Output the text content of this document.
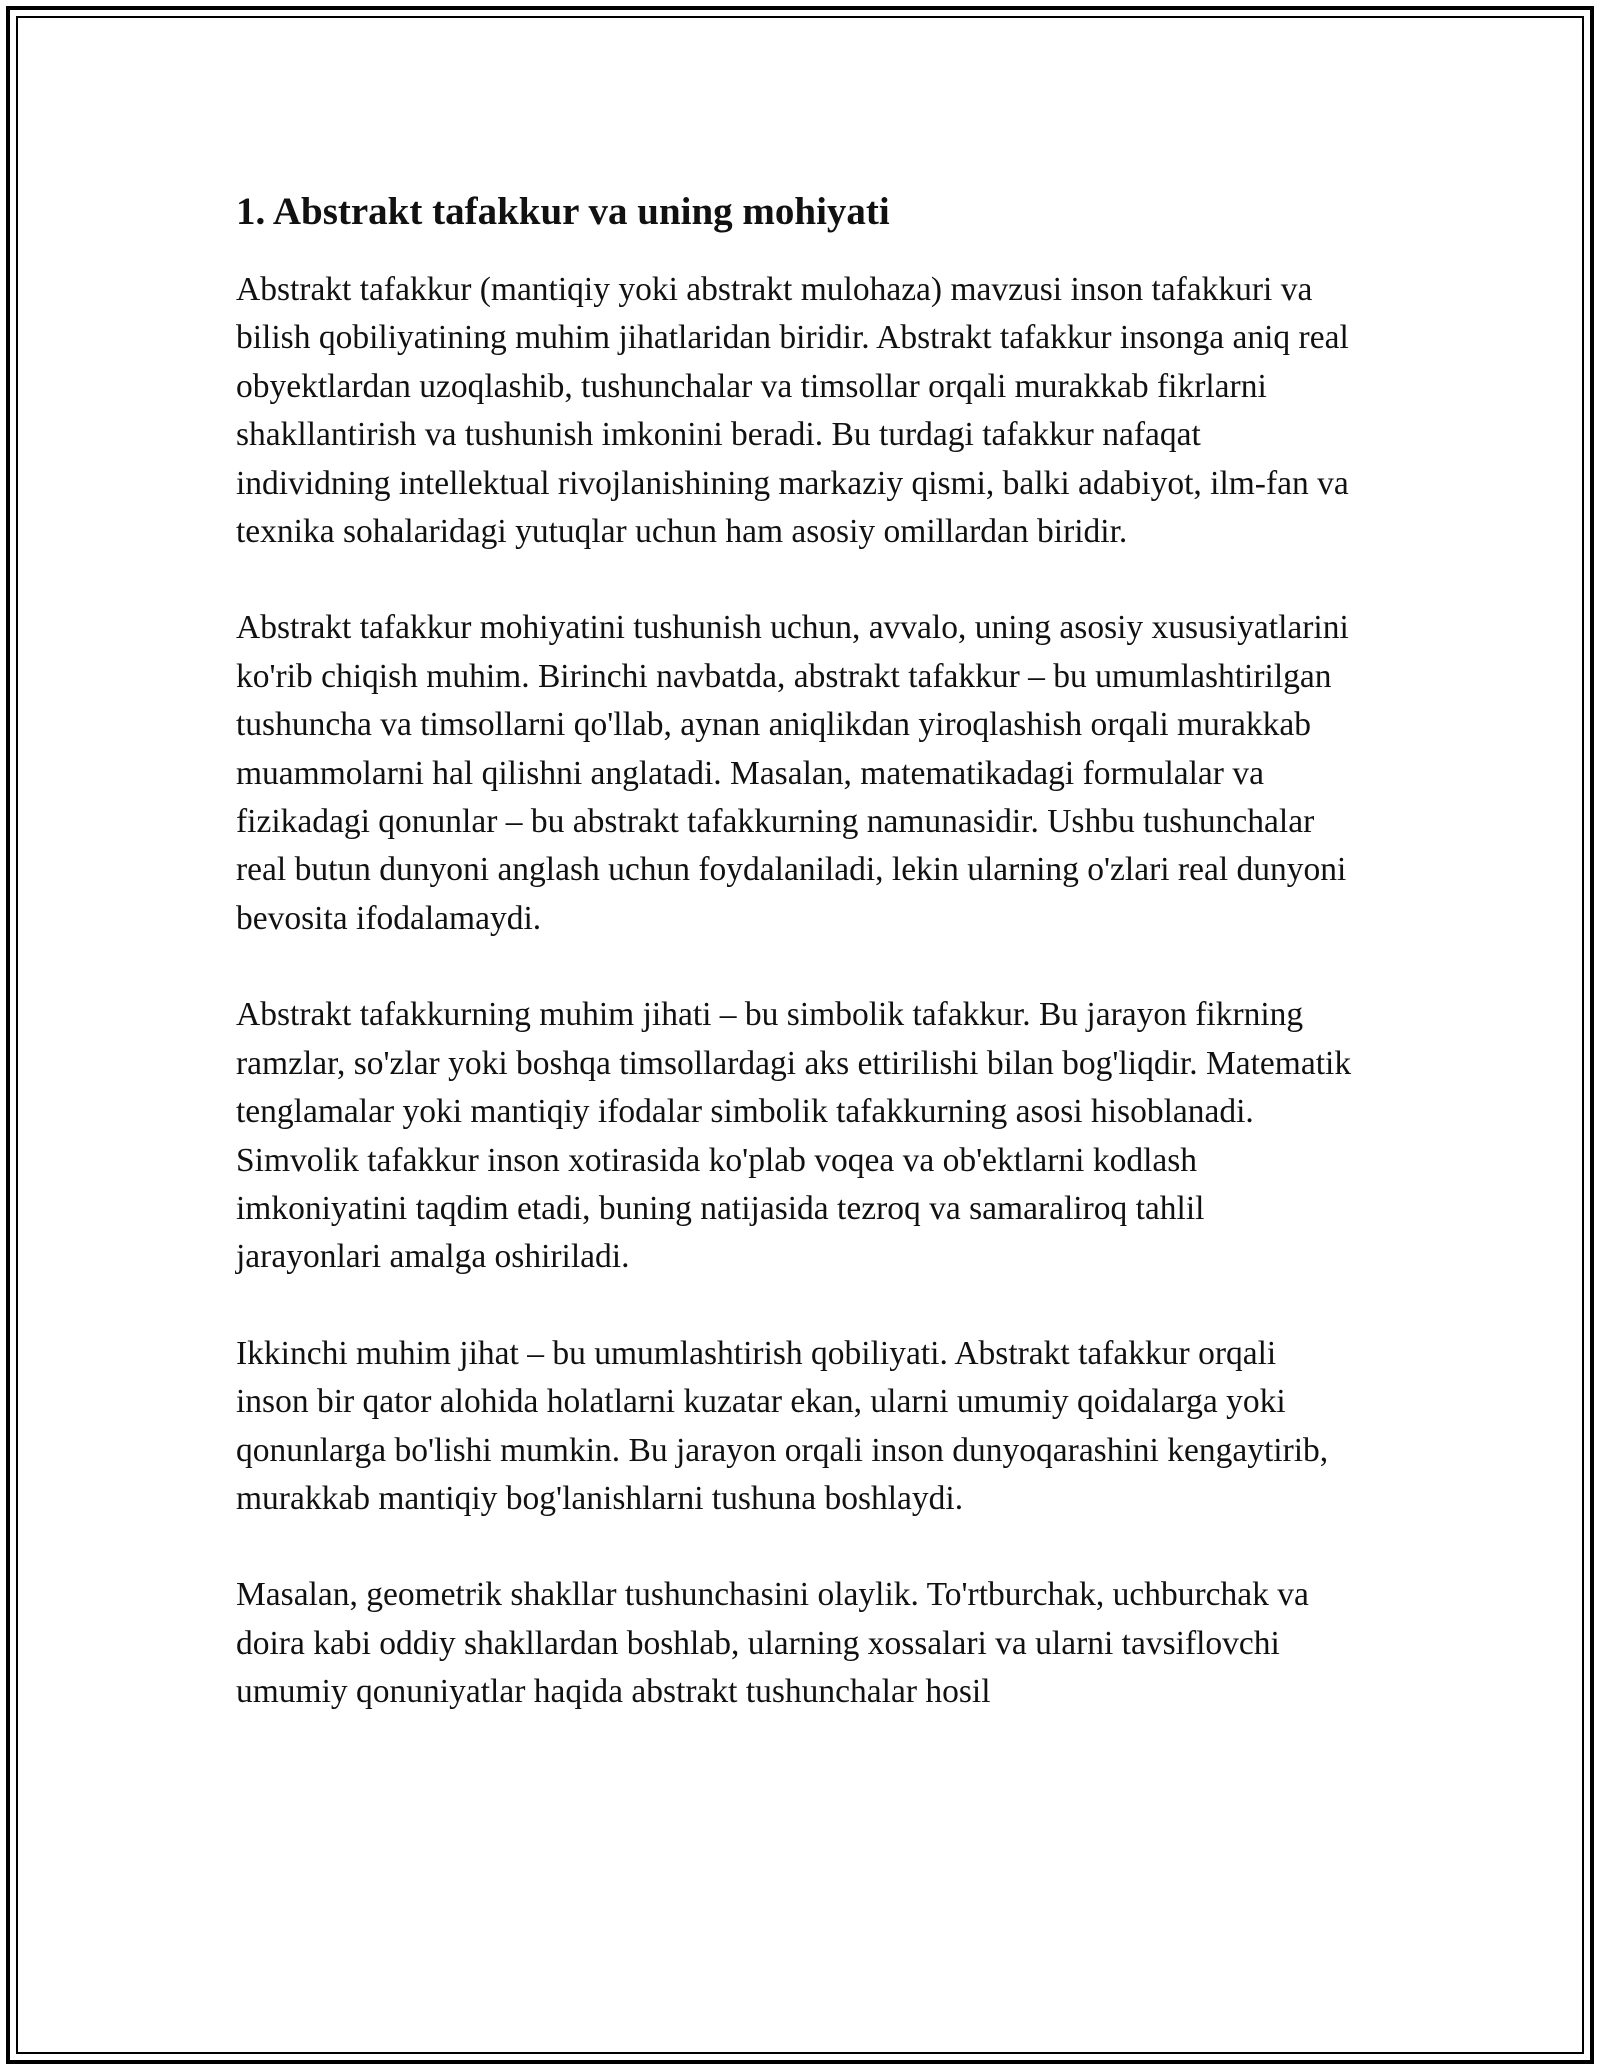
1. Abstrakt tafakkur va uning mohiyati

Abstrakt tafakkur (mantiqiy yoki abstrakt mulohaza) mavzusi inson tafakkuri va bilish qobiliyatining muhim jihatlaridan biridir. Abstrakt tafakkur insonga aniq real obyektlardan uzoqlashib, tushunchalar va timsollar orqali murakkab fikrlarni shakllantirish va tushunish imkonini beradi. Bu turdagi tafakkur nafaqat individning intellektual rivojlanishining markaziy qismi, balki adabiyot, ilm-fan va texnika sohalaridagi yutuqlar uchun ham asosiy omillardan biridir.

Abstrakt tafakkur mohiyatini tushunish uchun, avvalo, uning asosiy xususiyatlarini ko'rib chiqish muhim. Birinchi navbatda, abstrakt tafakkur – bu umumlashtirilgan tushuncha va timsollarni qo'llab, aynan aniqlikdan yiroqlashish orqali murakkab muammolarni hal qilishni anglatadi. Masalan, matematikadagi formulalar va fizikadagi qonunlar – bu abstrakt tafakkurning namunasidir. Ushbu tushunchalar real butun dunyoni anglash uchun foydalaniladi, lekin ularning o'zlari real dunyoni bevosita ifodalamaydi.

Abstrakt tafakkurning muhim jihati – bu simbolik tafakkur. Bu jarayon fikrning ramzlar, so'zlar yoki boshqa timsollardagi aks ettirilishi bilan bog'liqdir. Matematik tenglamalar yoki mantiqiy ifodalar simbolik tafakkurning asosi hisoblanadi. Simvolik tafakkur inson xotirasida ko'plab voqea va ob'ektlarni kodlash imkoniyatini taqdim etadi, buning natijasida tezroq va samaraliroq tahlil jarayonlari amalga oshiriladi.

Ikkinchi muhim jihat – bu umumlashtirish qobiliyati. Abstrakt tafakkur orqali inson bir qator alohida holatlarni kuzatar ekan, ularni umumiy qoidalarga yoki qonunlarga bo'lishi mumkin. Bu jarayon orqali inson dunyoqarashini kengaytirib, murakkab mantiqiy bog'lanishlarni tushuna boshlaydi.

Masalan, geometrik shakllar tushunchasini olaylik. To'rtburchak, uchburchak va doira kabi oddiy shakllardan boshlab, ularning xossalari va ularni tavsiflovchi umumiy qonuniyatlar haqida abstrakt tushunchalar hosil
